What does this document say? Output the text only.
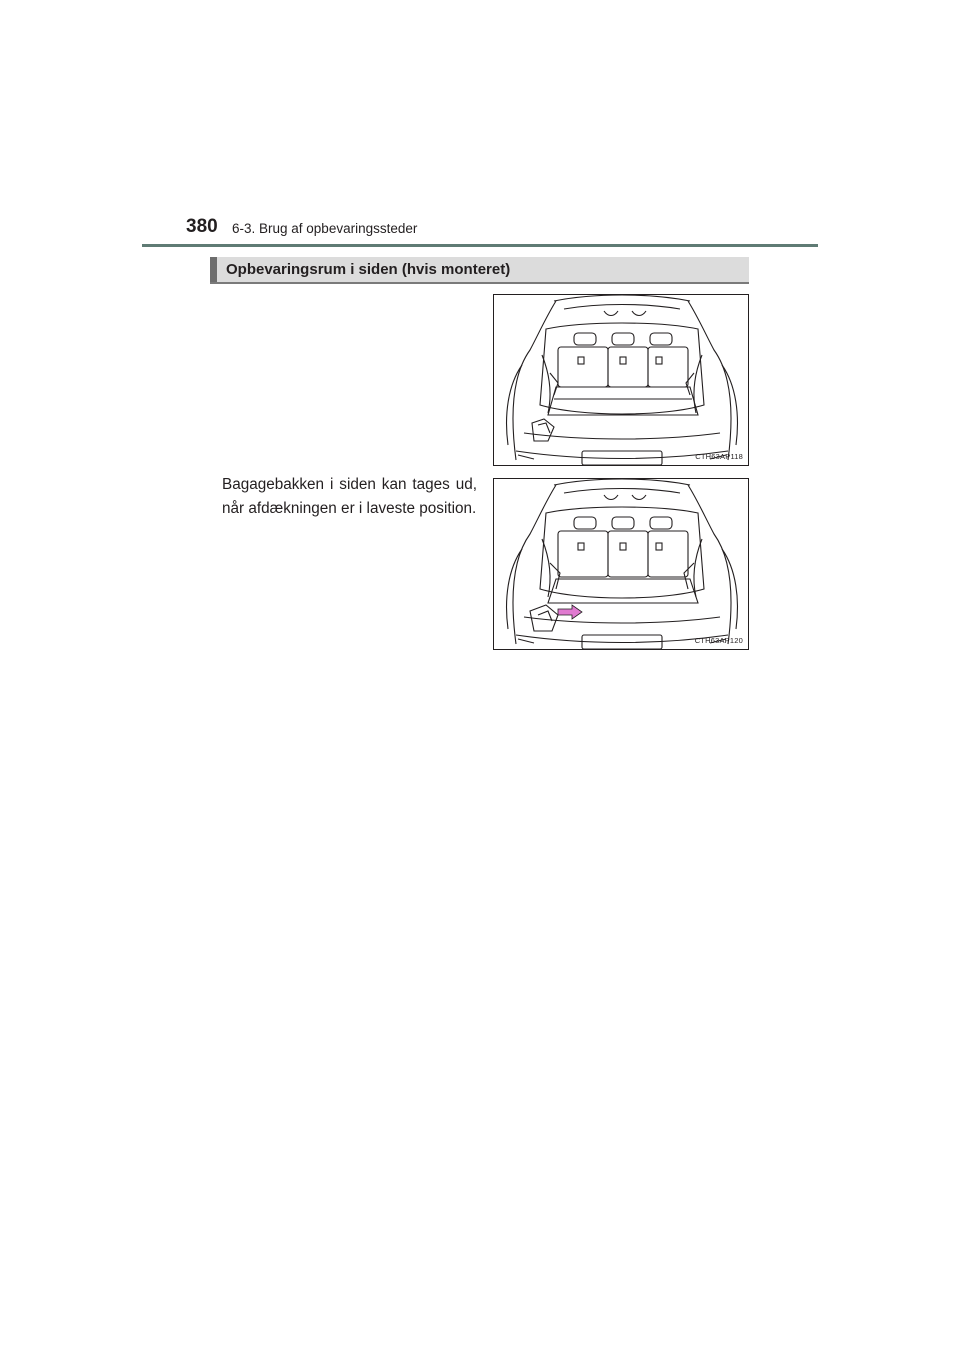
380 6-3. Brug af opbevaringssteder
Opbevaringsrum i siden (hvis monteret)
CTH63AP118
CTH63AP120
Bagagebakken i siden kan tages ud, når afdækningen er i laveste position.
